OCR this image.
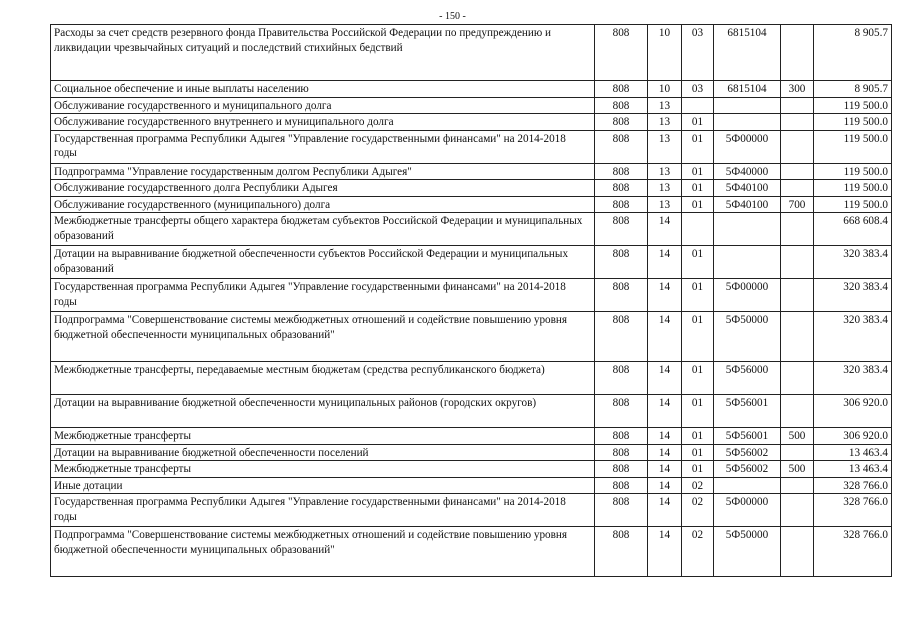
- 150 -
Расходы за счет средств резервного фонда Правительства Российской Федерации по предупреждению и ликвидации чрезвычайных ситуаций и последствий стихийных бедствий	808	10	03	6815104		8 905.7
Социальное обеспечение и иные выплаты населению	808	10	03	6815104	300	8 905.7
Обслуживание государственного и муниципального долга	808	13				119 500.0
Обслуживание государственного внутреннего и муниципального долга	808	13	01			119 500.0
Государственная программа Республики Адыгея "Управление государственными финансами" на 2014-2018 годы	808	13	01	5Ф00000		119 500.0
Подпрограмма "Управление государственным долгом Республики Адыгея"	808	13	01	5Ф40000		119 500.0
Обслуживание государственного долга Республики Адыгея	808	13	01	5Ф40100		119 500.0
Обслуживание государственного (муниципального) долга	808	13	01	5Ф40100	700	119 500.0
Межбюджетные трансферты общего характера бюджетам субъектов Российской Федерации и муниципальных образований	808	14				668 608.4
Дотации на выравнивание бюджетной обеспеченности субъектов Российской Федерации и муниципальных образований	808	14	01			320 383.4
Государственная программа Республики Адыгея "Управление государственными финансами" на 2014-2018 годы	808	14	01	5Ф00000		320 383.4
Подпрограмма "Совершенствование системы межбюджетных отношений и содействие повышению уровня бюджетной обеспеченности муниципальных образований"	808	14	01	5Ф50000		320 383.4
Межбюджетные трансферты, передаваемые местным бюджетам (средства республиканского бюджета)	808	14	01	5Ф56000		320 383.4
Дотации на выравнивание бюджетной обеспеченности муниципальных районов (городских округов)	808	14	01	5Ф56001		306 920.0
Межбюджетные трансферты	808	14	01	5Ф56001	500	306 920.0
Дотации на выравнивание бюджетной обеспеченности поселений	808	14	01	5Ф56002		13 463.4
Межбюджетные трансферты	808	14	01	5Ф56002	500	13 463.4
Иные дотации	808	14	02			328 766.0
Государственная программа Республики Адыгея "Управление государственными финансами" на 2014-2018 годы	808	14	02	5Ф00000		328 766.0
Подпрограмма "Совершенствование системы межбюджетных отношений и содействие повышению уровня бюджетной обеспеченности муниципальных образований"	808	14	02	5Ф50000		328 766.0
